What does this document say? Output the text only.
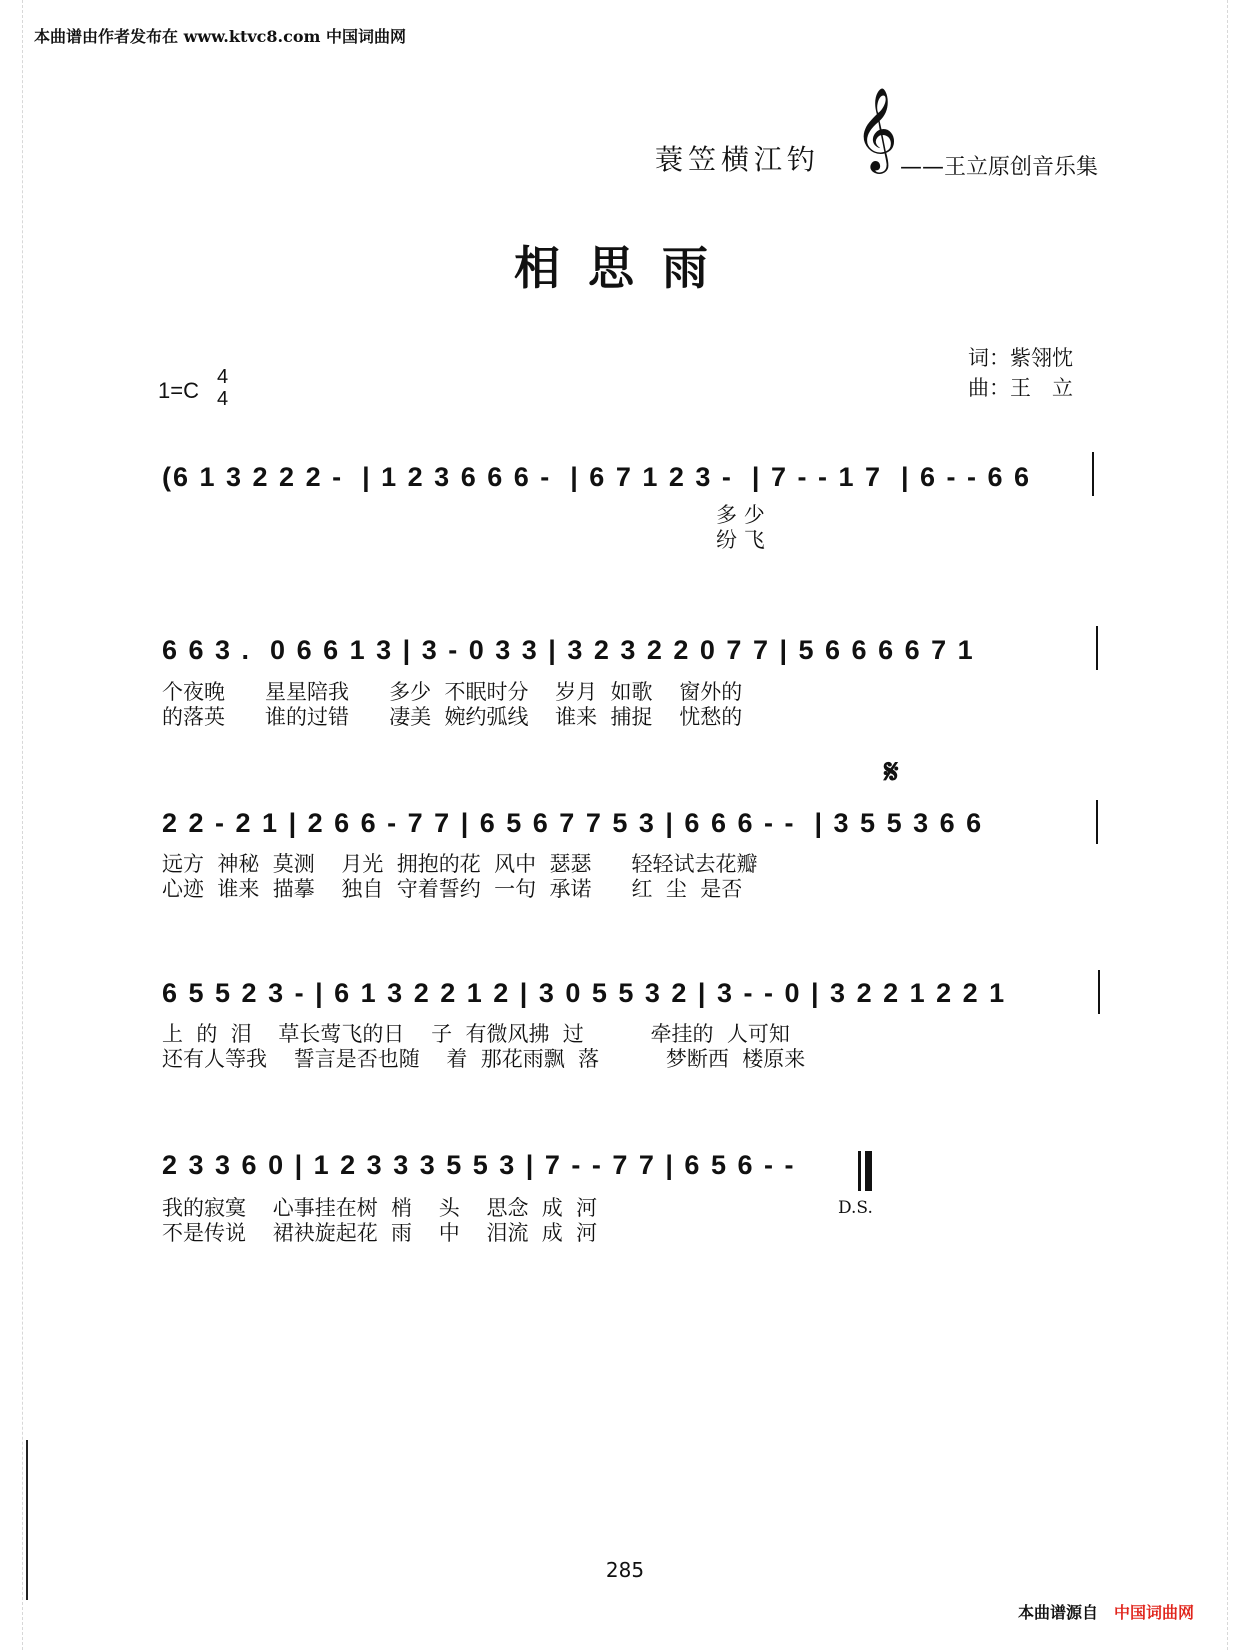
本曲谱由作者发布在 www.ktvc8.com 中国词曲网
蓑笠横江钓 𝄞 ——王立原创音乐集
相思雨
1=C
4
4
词：紫翎忱
曲：王　立
(6 1 3 2 2 2 -  | 1 2 3 6 6 6 -  | 6 7 1 2 3 -  | 7 - - 1 7  | 6 - - 6 6
多 少
纷 飞
6 6 3 .  0 6 6 1 3 | 3 - 0 3 3 | 3 2 3 2 2 0 7 7 | 5 6 6 6 6 7 1
个夜晚      星星陪我      多少  不眠时分    岁月  如歌    窗外的
的落英      谁的过错      凄美  婉约弧线    谁来  捕捉    忧愁的
𝄋
2 2 - 2 1 | 2 6 6 - 7 7 | 6 5 6 7 7 5 3 | 6 6 6 - -  | 3 5 5 3 6 6
远方  神秘  莫测    月光  拥抱的花  风中  瑟瑟      轻轻试去花瓣
心迹  谁来  描摹    独自  守着誓约  一句  承诺      红  尘  是否
6 5 5 2 3 - | 6 1 3 2 2 1 2 | 3 0 5 5 3 2 | 3 - - 0 | 3 2 2 1 2 2 1
上  的  泪    草长莺飞的日    子  有微风拂  过          牵挂的  人可知
还有人等我    誓言是否也随    着  那花雨飘  落          梦断西  楼原来
2 3 3 6 0 | 1 2 3 3 3 5 5 3 | 7 - - 7 7 | 6 5 6 - -
D.S.
我的寂寞    心事挂在树  梢    头    思念  成  河
不是传说    裙袂旋起花  雨    中    泪流  成  河
285
本曲谱源自 中国词曲网
